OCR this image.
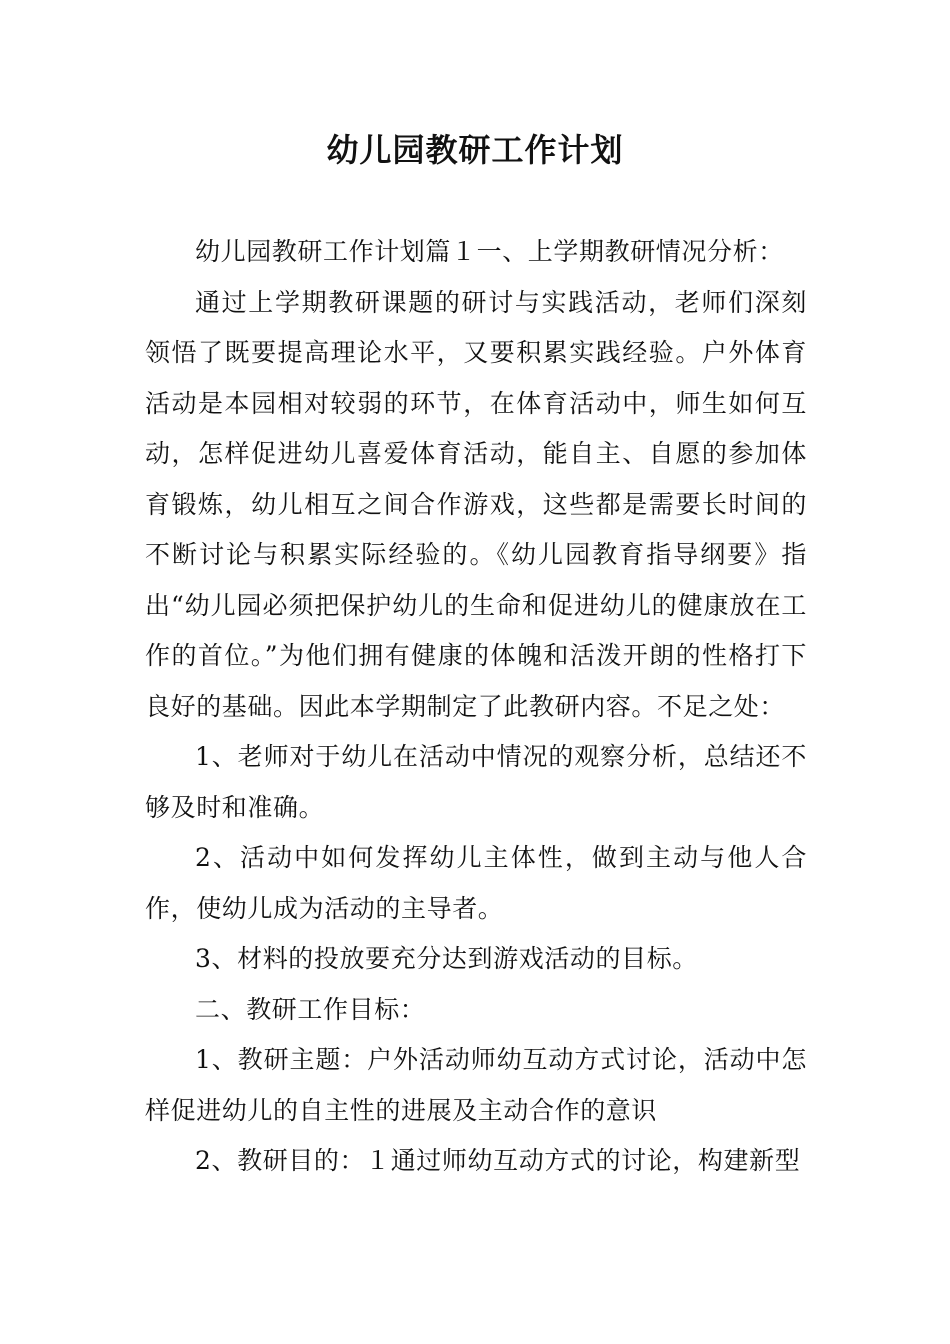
幼儿园教研工作计划

幼儿园教研工作计划篇１一、上学期教研情况分析：

通过上学期教研课题的研讨与实践活动，老师们深刻领悟了既要提高理论水平，又要积累实践经验。户外体育活动是本园相对较弱的环节，在体育活动中，师生如何互动，怎样促进幼儿喜爱体育活动，能自主、自愿的参加体育锻炼，幼儿相互之间合作游戏，这些都是需要长时间的不断讨论与积累实际经验的。《幼儿园教育指导纲要》指出“幼儿园必须把保护幼儿的生命和促进幼儿的健康放在工作的首位。”为他们拥有健康的体魄和活泼开朗的性格打下良好的基础。因此本学期制定了此教研内容。不足之处：

1、老师对于幼儿在活动中情况的观察分析，总结还不够及时和准确。

2、活动中如何发挥幼儿主体性，做到主动与他人合作，使幼儿成为活动的主导者。

3、材料的投放要充分达到游戏活动的目标。

二、教研工作目标：

1、教研主题：户外活动师幼互动方式讨论，活动中怎样促进幼儿的自主性的进展及主动合作的意识

2、教研目的：１通过师幼互动方式的讨论，构建新型
